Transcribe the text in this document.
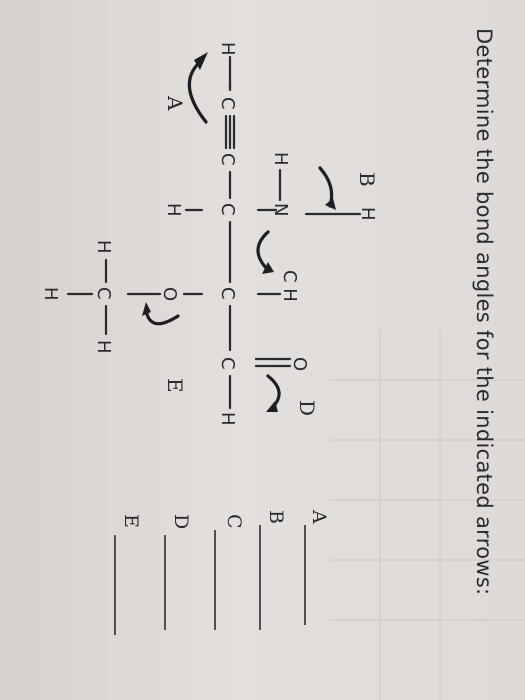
Determine the bond angles for the indicated arrows:
H
C
C
C
H	N
H
H
C H
C
O
C
H
H
H
C	O
H
A
B
D
E
A
B
C
D
E
